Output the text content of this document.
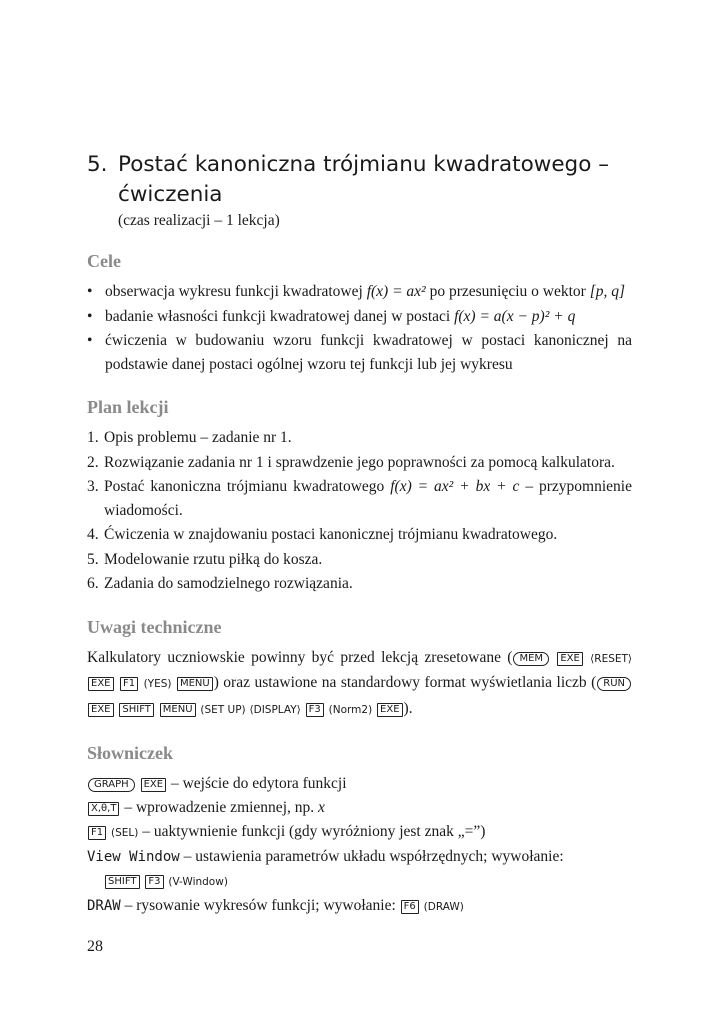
5. Postać kanoniczna trójmianu kwadratowego – ćwiczenia
(czas realizacji – 1 lekcja)
Cele
• obserwacja wykresu funkcji kwadratowej f(x) = ax² po przesunięciu o wektor [p, q]
• badanie własności funkcji kwadratowej danej w postaci f(x) = a(x − p)² + q
• ćwiczenia w budowaniu wzoru funkcji kwadratowej w postaci kanonicznej na podstawie danej postaci ogólnej wzoru tej funkcji lub jej wykresu
Plan lekcji
1. Opis problemu – zadanie nr 1.
2. Rozwiązanie zadania nr 1 i sprawdzenie jego poprawności za pomocą kalkulatora.
3. Postać kanoniczna trójmianu kwadratowego f(x) = ax² + bx + c – przypomnienie wiadomości.
4. Ćwiczenia w znajdowaniu postaci kanonicznej trójmianu kwadratowego.
5. Modelowanie rzutu piłką do kosza.
6. Zadania do samodzielnego rozwiązania.
Uwagi techniczne

Kalkulatory uczniowskie powinny być przed lekcją zresetowane ( MEM EXE ⟨RESET⟩ EXE F1 (YES) MENU ) oraz ustawione na standardowy format wyświetlania liczb ( RUN EXE SHIFT MENU (SET UP) ⟨DISPLAY⟩ F3 (Norm2) EXE ).

Słowniczek
GRAPH EXE – wejście do edytora funkcji
X,θ,T – wprowadzenie zmiennej, np. x
F1 (SEL) – uaktywnienie funkcji (gdy wyróżniony jest znak „=”)
View Window – ustawienia parametrów układu współrzędnych; wywołanie:
SHIFT F3 (V-Window)
DRAW – rysowanie wykresów funkcji; wywołanie: F6 (DRAW)
28
